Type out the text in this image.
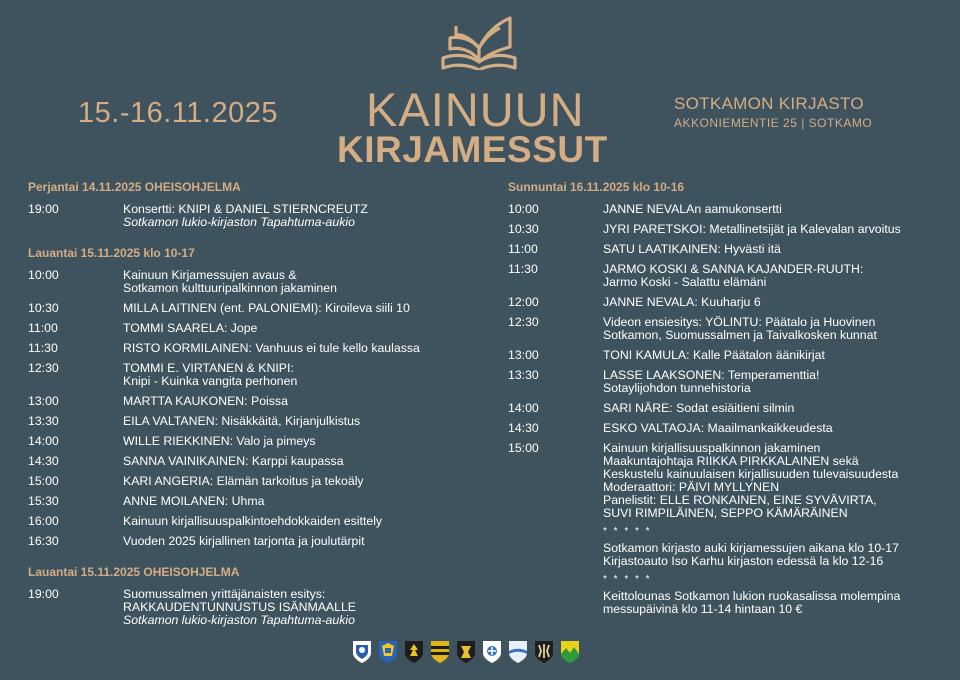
15.-16.11.2025 KAINUUN
KIRJAMESSUT
SOTKAMON KIRJASTO
AKKONIEMENTIE 25 | SOTKAMO
Perjantai 14.11.2025 OHEISOHJELMA
19:00	Konsertti: KNIPI & DANIEL STIERNCREUTZ
Sotkamon lukio-kirjaston Tapahtuma-aukio
Lauantai 15.11.2025 klo 10-17
10:00	Kainuun Kirjamessujen avaus &
Sotkamon kulttuuripalkinnon jakaminen
10:30	MILLA LAITINEN (ent. PALONIEMI): Kiroileva siili 10
11:00	TOMMI SAARELA: Jope
11:30	RISTO KORMILAINEN: Vanhuus ei tule kello kaulassa
12:30	TOMMI E. VIRTANEN & KNIPI:
Knipi - Kuinka vangita perhonen
13:00	MARTTA KAUKONEN: Poissa
13:30	EILA VALTANEN: Nisäkkäitä, Kirjanjulkistus
14:00	WILLE RIEKKINEN: Valo ja pimeys
14:30	SANNA VAINIKAINEN: Karppi kaupassa
15:00	KARI ANGERIA: Elämän tarkoitus ja tekoäly
15:30	ANNE MOILANEN: Uhma
16:00	Kainuun kirjallisuuspalkintoehdokkaiden esittely
16:30	Vuoden 2025 kirjallinen tarjonta ja joulutärpit
Lauantai 15.11.2025 OHEISOHJELMA
19:00	Suomussalmen yrittäjänaisten esitys:
RAKKAUDENTUNNUSTUS ISÄNMAALLE
Sotkamon lukio-kirjaston Tapahtuma-aukio
Sunnuntai 16.11.2025 klo 10-16
10:00	JANNE NEVALAn aamukonsertti
10:30	JYRI PARETSKOI: Metallinetsijät ja Kalevalan arvoitus
11:00	SATU LAATIKAINEN: Hyvästi itä
11:30	JARMO KOSKI & SANNA KAJANDER-RUUTH:
Jarmo Koski - Salattu elämäni
12:00	JANNE NEVALA: Kuuharju 6
12:30	Videon ensiesitys: YÖLINTU: Päätalo ja Huovinen
Sotkamon, Suomussalmen ja Taivalkosken kunnat
13:00	TONI KAMULA: Kalle Päätalon äänikirjat
13:30	LASSE LAAKSONEN: Temperamenttia!
Sotaylijohdon tunnehistoria
14:00	SARI NÄRE: Sodat esiäitieni silmin
14:30	ESKO VALTAOJA: Maailmankaikkeudesta
15:00	Kainuun kirjallisuuspalkinnon jakaminen
Maakuntajohtaja RIIKKA PIRKKALAINEN sekä
Keskustelu kainuulaisen kirjallisuuden tulevaisuudesta
Moderaattori: PÄIVI MYLLYNEN
Panelistit: ELLE RONKAINEN, EINE SYVÄVIRTA,
SUVI RIMPILÄINEN, SEPPO KÄMÄRÄINEN
* * * * *
Sotkamon kirjasto auki kirjamessujen aikana klo 10-17
Kirjastoauto Iso Karhu kirjaston edessä la klo 12-16
* * * * *
Keittolounas Sotkamon lukion ruokasalissa molempina
messupäivinä klo 11-14 hintaan 10 €
